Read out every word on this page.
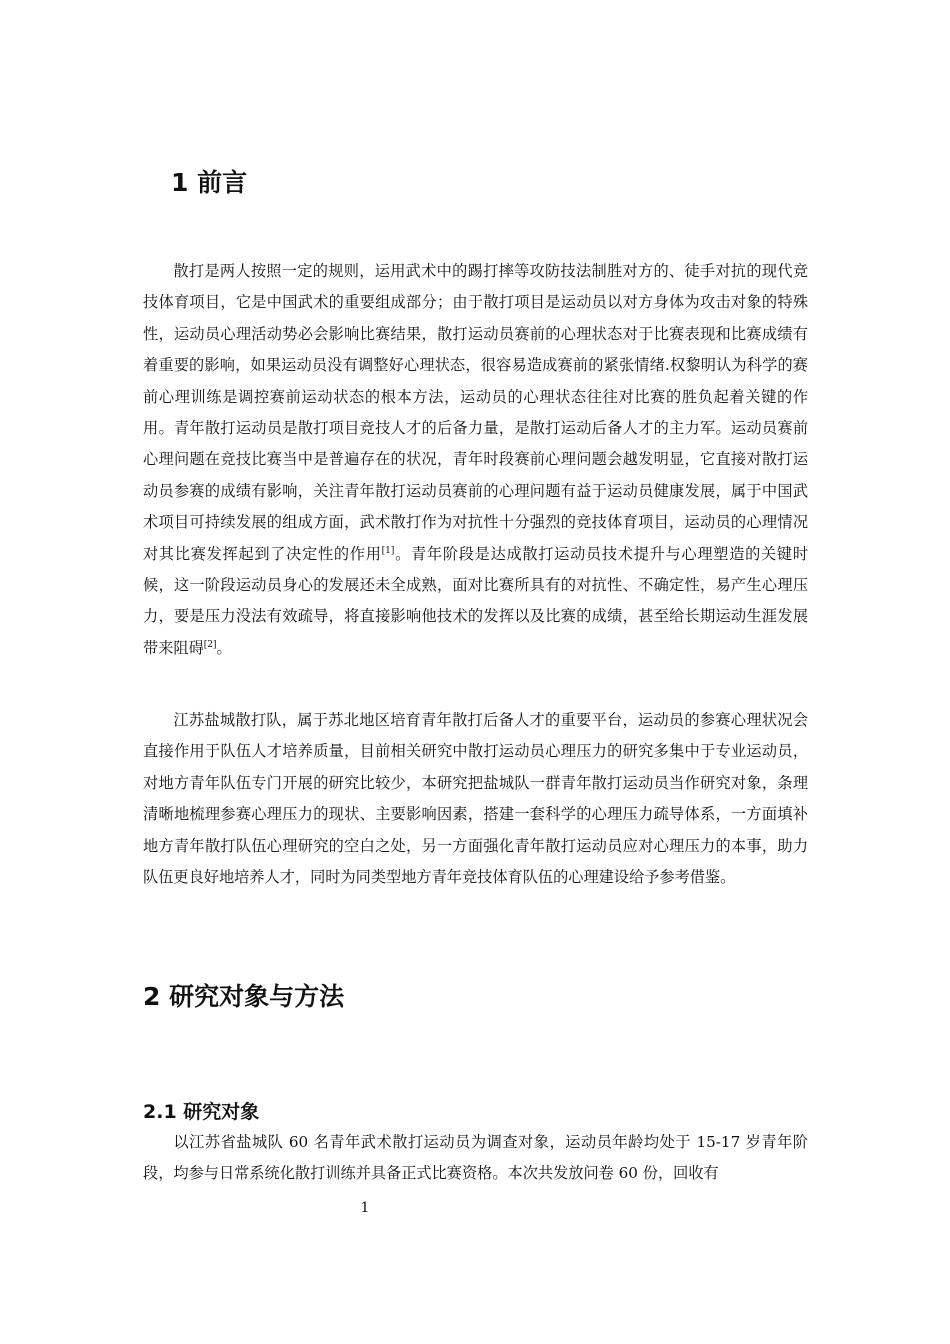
1 前言

散打是两人按照一定的规则，运用武术中的踢打摔等攻防技法制胜对方的、徒手对抗的现代竞技体育项目，它是中国武术的重要组成部分；由于散打项目是运动员以对方身体为攻击对象的特殊性，运动员心理活动势必会影响比赛结果，散打运动员赛前的心理状态对于比赛表现和比赛成绩有着重要的影响，如果运动员没有调整好心理状态，很容易造成赛前的紧张情绪.权黎明认为科学的赛前心理训练是调控赛前运动状态的根本方法，运动员的心理状态往往对比赛的胜负起着关键的作用。青年散打运动员是散打项目竞技人才的后备力量，是散打运动后备人才的主力军。运动员赛前心理问题在竞技比赛当中是普遍存在的状况，青年时段赛前心理问题会越发明显，它直接对散打运动员参赛的成绩有影响，关注青年散打运动员赛前的心理问题有益于运动员健康发展，属于中国武术项目可持续发展的组成方面，武术散打作为对抗性十分强烈的竞技体育项目，运动员的心理情况对其比赛发挥起到了决定性的作用[1]。青年阶段是达成散打运动员技术提升与心理塑造的关键时候，这一阶段运动员身心的发展还未全成熟，面对比赛所具有的对抗性、不确定性，易产生心理压力，要是压力没法有效疏导，将直接影响他技术的发挥以及比赛的成绩，甚至给长期运动生涯发展带来阻碍[2]。

江苏盐城散打队，属于苏北地区培育青年散打后备人才的重要平台，运动员的参赛心理状况会直接作用于队伍人才培养质量，目前相关研究中散打运动员心理压力的研究多集中于专业运动员，对地方青年队伍专门开展的研究比较少，本研究把盐城队一群青年散打运动员当作研究对象，条理清晰地梳理参赛心理压力的现状、主要影响因素，搭建一套科学的心理压力疏导体系，一方面填补地方青年散打队伍心理研究的空白之处，另一方面强化青年散打运动员应对心理压力的本事，助力队伍更良好地培养人才，同时为同类型地方青年竞技体育队伍的心理建设给予参考借鉴。

2 研究对象与方法
2.1 研究对象

以江苏省盐城队 60 名青年武术散打运动员为调查对象，运动员年龄均处于 15-17 岁青年阶段，均参与日常系统化散打训练并具备正式比赛资格。本次共发放问卷 60 份，回收有

1
